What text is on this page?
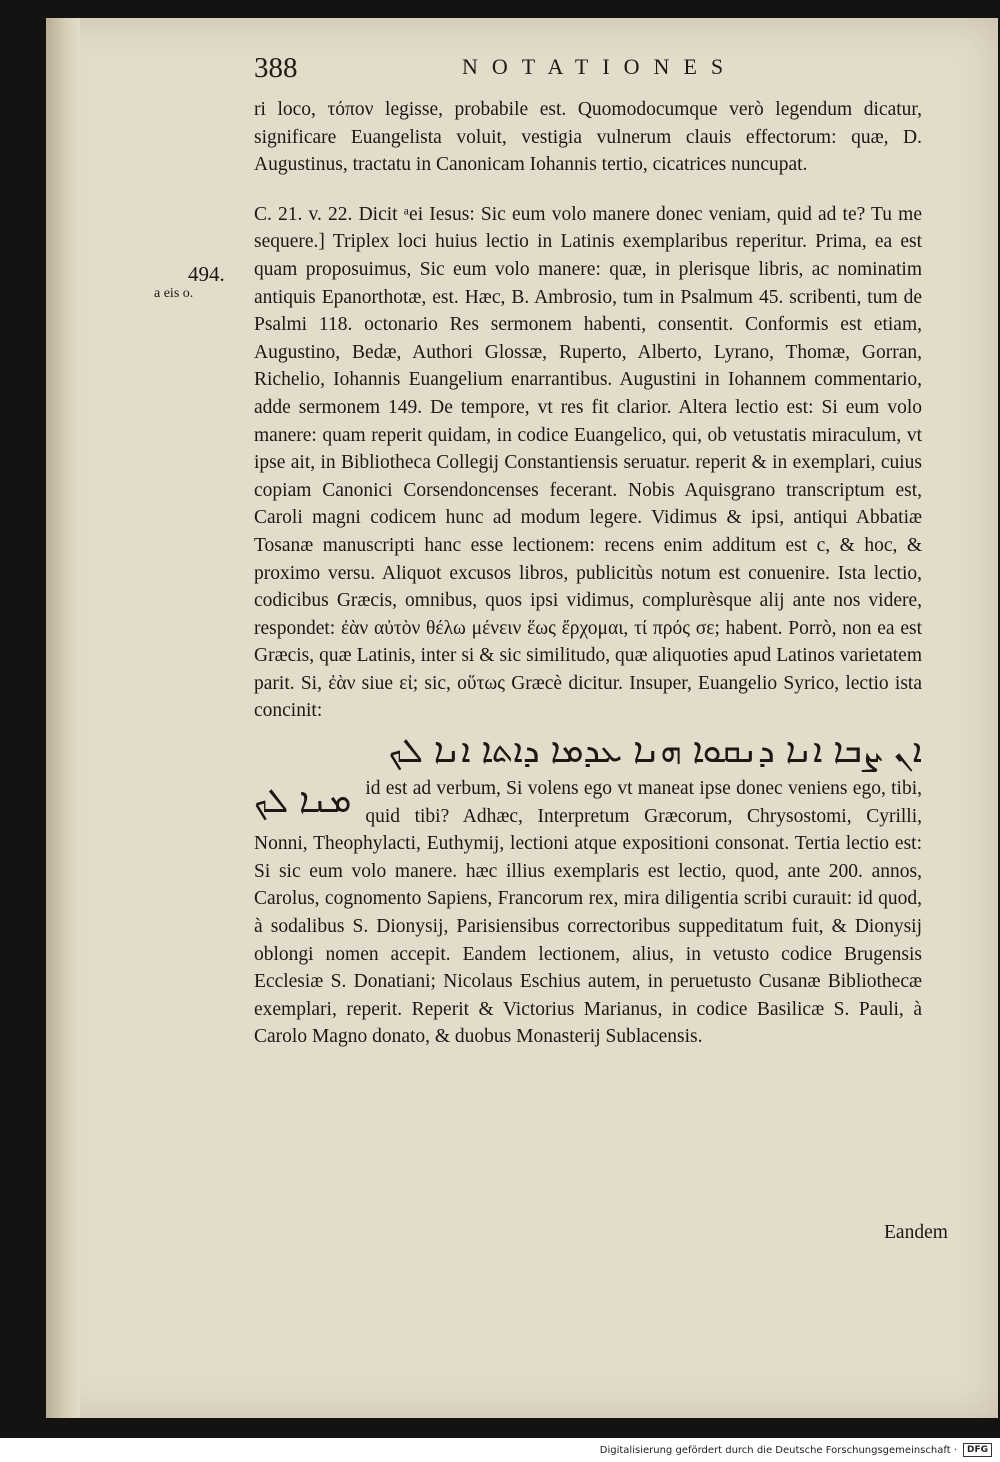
388	NOTATIONES
494.
a eis o.

ri loco, τόπον legisse, probabile est. Quomodocumque verò legendum dicatur, significare Euangelista voluit, vestigia vulnerum clauis effectorum: quæ, D. Augustinus, tractatu in Canonicam Iohannis tertio, cicatrices nuncupat.

C. 21. v. 22. Dicit ᵃei Iesus: Sic eum volo manere donec veniam, quid ad te? Tu me sequere.] Triplex loci huius lectio in Latinis exemplaribus reperitur. Prima, ea est quam proposuimus, Sic eum volo manere: quæ, in plerisque libris, ac nominatim antiquis Epanorthotæ, est. Hæc, B. Ambrosio, tum in Psalmum 45. scribenti, tum de Psalmi 118. octonario Res sermonem habenti, consentit. Conformis est etiam, Augustino, Bedæ, Authori Glossæ, Ruperto, Alberto, Lyrano, Thomæ, Gorran, Richelio, Iohannis Euangelium enarrantibus. Augustini in Iohannem commentario, adde sermonem 149. De tempore, vt res fit clarior. Altera lectio est: Si eum volo manere: quam reperit quidam, in codice Euangelico, qui, ob vetustatis miraculum, vt ipse ait, in Bibliotheca Collegij Constantiensis seruatur. reperit & in exemplari, cuius copiam Canonici Corsendoncenses fecerant. Nobis Aquisgrano transcriptum est, Caroli magni codicem hunc ad modum legere. Vidimus & ipsi, antiqui Abbatiæ Tosanæ manuscripti hanc esse lectionem: recens enim additum est c, & hoc, & proximo versu. Aliquot excusos libros, publicitùs notum est conuenire. Ista lectio, codicibus Græcis, omnibus, quos ipsi vidimus, complurèsque alij ante nos videre, respondet: ἐὰν αὐτὸν θέλω μένειν ἕως ἔρχομαι, τί πρός σε; habent. Porrò, non ea est Græcis, quæ Latinis, inter si & sic similitudo, quæ aliquoties apud Latinos varietatem parit. Si, ἐὰν siue εἰ; sic, οὕτως Græcè dicitur. Insuper, Euangelio Syrico, lectio ista concinit:

ܐܢ ܨܒܐ ܐܢܐ ܕܢܩܘܐ ܗܢܐ ܥܕܡܐ ܕܐܬܐ ܐܢܐ ܠܟ
ܡܢܐ ܠܟ id est ad verbum, Si volens ego vt maneat ipse donec veniens ego, tibi, quid tibi? Adhæc, Interpretum Græcorum, Chrysostomi, Cyrilli, Nonni, Theophylacti, Euthymij, lectioni atque expositioni consonat. Tertia lectio est: Si sic eum volo manere. hæc illius exemplaris est lectio, quod, ante 200. annos, Carolus, cognomento Sapiens, Francorum rex, mira diligentia scribi curauit: id quod, à sodalibus S. Dionysij, Parisiensibus correctoribus suppeditatum fuit, & Dionysij oblongi nomen accepit. Eandem lectionem, alius, in vetusto codice Brugensis Ecclesiæ S. Donatiani; Nicolaus Eschius autem, in peruetusto Cusanæ Bibliothecæ exemplari, reperit. Reperit & Victorius Marianus, in codice Basilicæ S. Pauli, à Carolo Magno donato, & duobus Monasterij Sublacensis.

Eandem
Digitalisierung gefördert durch die Deutsche Forschungsgemeinschaft ·	DFG
